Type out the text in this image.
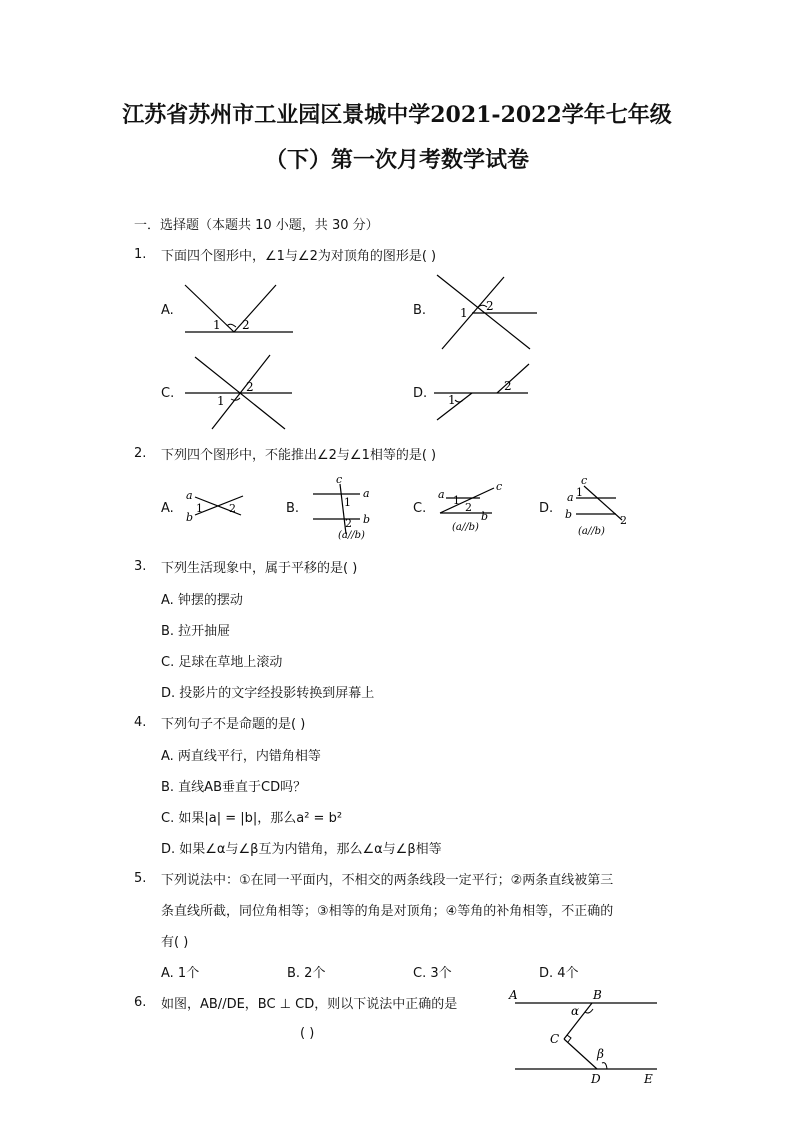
江苏省苏州市工业园区景城中学2021-2022学年七年级
（下）第一次月考数学试卷
一．选择题（本题共 10 小题，共 30 分）
1. 下面四个图形中，∠1与∠2为对顶角的图形是( )
A.
1 2
B.	1 2
C.	1
2	D. 1
2
2. 下列四个图形中，不能推出∠2与∠1相等的是( )
A.
a
b
1 2	B.
c
a
b
1
2
(a//b)
C.
c
a
b
1
2
(a//b)
D.
c
a
b
1
2
(a//b)
3. 下列生活现象中，属于平移的是( )
A. 钟摆的摆动
B. 拉开抽屉
C. 足球在草地上滚动
D. 投影片的文字经投影转换到屏幕上
4. 下列句子不是命题的是( )
A. 两直线平行，内错角相等
B. 直线AB垂直于CD吗？
C. 如果|a| = |b|，那么a² = b²
D. 如果∠α与∠β互为内错角，那么∠α与∠β相等
5. 下列说法中：①在同一平面内，不相交的两条线段一定平行；②两条直线被第三
条直线所截，同位角相等；③相等的角是对顶角；④等角的补角相等，不正确的
有( )
A. 1个	B. 2个	C. 3个	D. 4个
6. 如图，AB//DE，BC ⊥ CD，则以下说法中正确的是
( )
A	B
C
D	E
α
β
